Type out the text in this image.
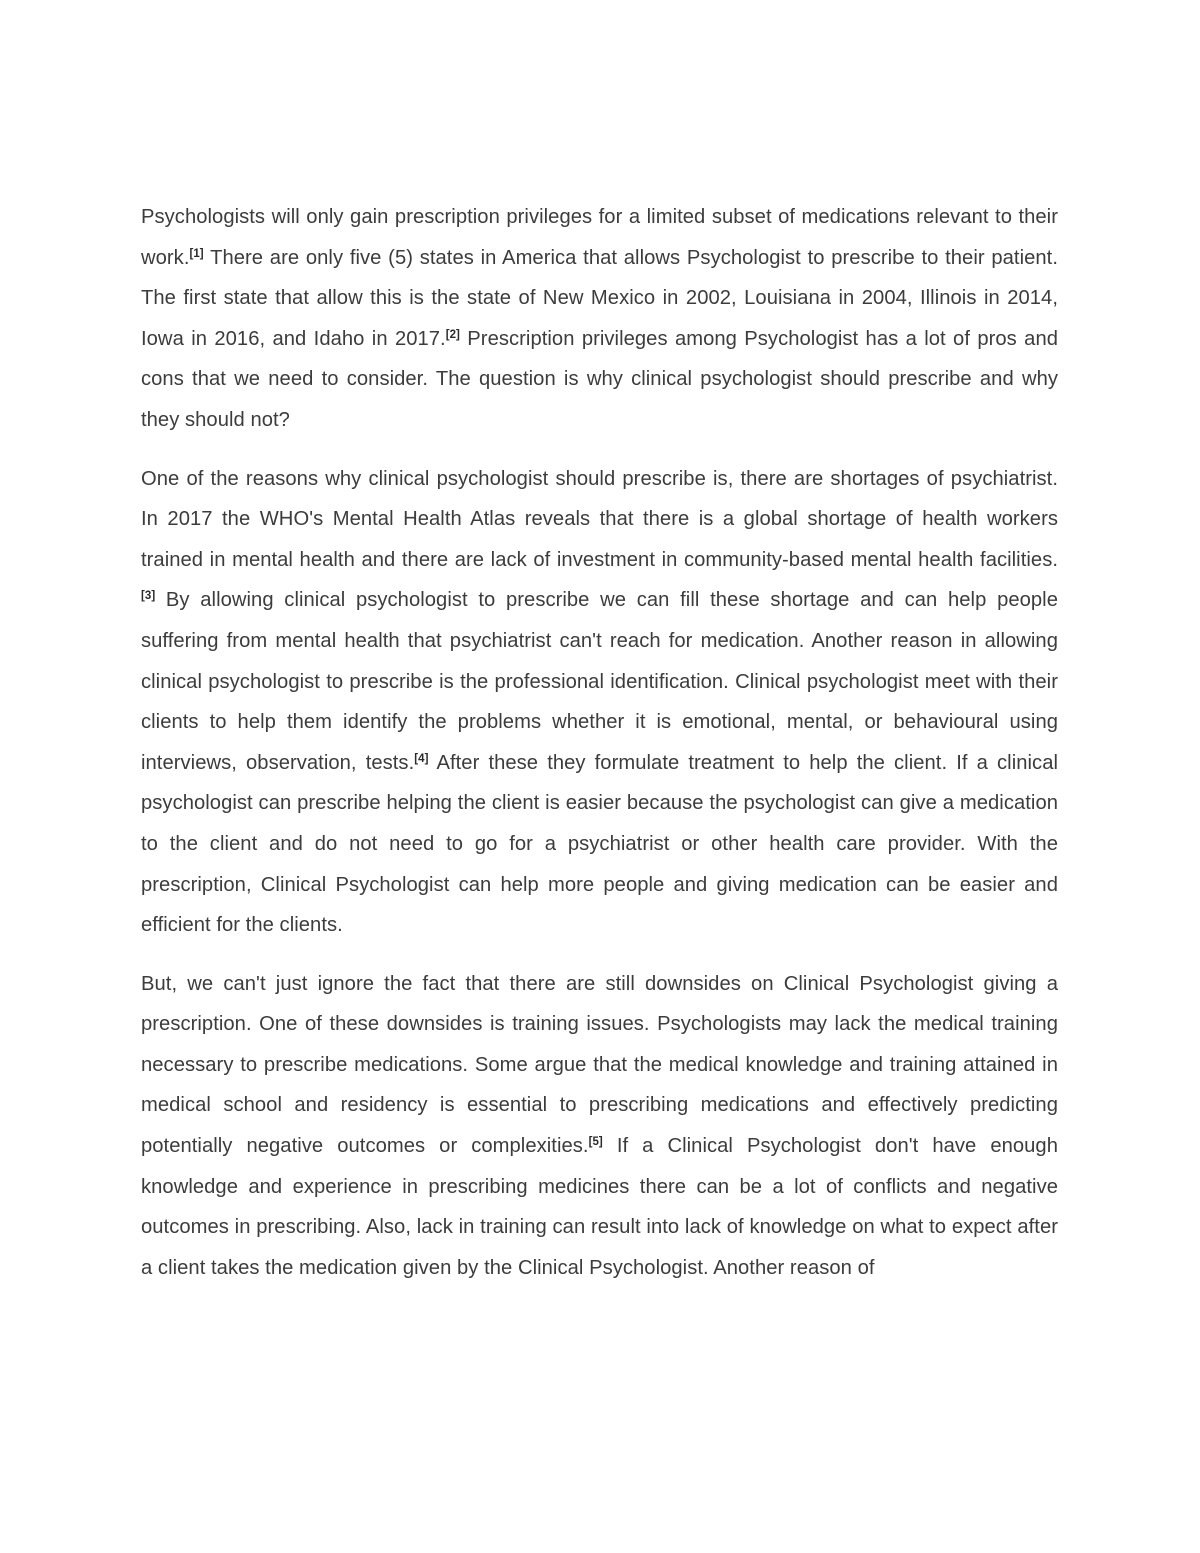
Psychologists will only gain prescription privileges for a limited subset of medications relevant to their work.[1] There are only five (5) states in America that allows Psychologist to prescribe to their patient. The first state that allow this is the state of New Mexico in 2002, Louisiana in 2004, Illinois in 2014, Iowa in 2016, and Idaho in 2017.[2] Prescription privileges among Psychologist has a lot of pros and cons that we need to consider. The question is why clinical psychologist should prescribe and why they should not?

One of the reasons why clinical psychologist should prescribe is, there are shortages of psychiatrist. In 2017 the WHO's Mental Health Atlas reveals that there is a global shortage of health workers trained in mental health and there are lack of investment in community-based mental health facilities.[3] By allowing clinical psychologist to prescribe we can fill these shortage and can help people suffering from mental health that psychiatrist can't reach for medication. Another reason in allowing clinical psychologist to prescribe is the professional identification. Clinical psychologist meet with their clients to help them identify the problems whether it is emotional, mental, or behavioural using interviews, observation, tests.[4] After these they formulate treatment to help the client. If a clinical psychologist can prescribe helping the client is easier because the psychologist can give a medication to the client and do not need to go for a psychiatrist or other health care provider. With the prescription, Clinical Psychologist can help more people and giving medication can be easier and efficient for the clients.

But, we can't just ignore the fact that there are still downsides on Clinical Psychologist giving a prescription. One of these downsides is training issues. Psychologists may lack the medical training necessary to prescribe medications. Some argue that the medical knowledge and training attained in medical school and residency is essential to prescribing medications and effectively predicting potentially negative outcomes or complexities.[5] If a Clinical Psychologist don't have enough knowledge and experience in prescribing medicines there can be a lot of conflicts and negative outcomes in prescribing. Also, lack in training can result into lack of knowledge on what to expect after a client takes the medication given by the Clinical Psychologist. Another reason of
